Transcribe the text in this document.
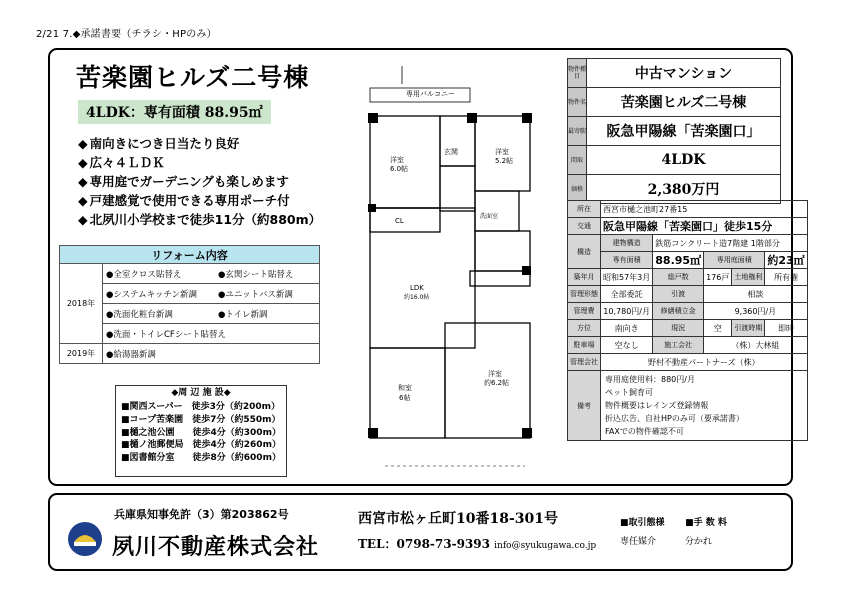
2/21 7.◆承諾書要（チラシ・HPのみ）
苦楽園ヒルズ二号棟
4LDK：専有面積 88.95㎡
◆ 南向きにつき日当たり良好
◆ 広々４ＬＤＫ
◆ 専用庭でガーデニングも楽しめます
◆ 戸建感覚で使用できる専用ポーチ付
◆ 北夙川小学校まで徒歩11分（約880m）
リフォーム内容	
2018年	●全室クロス貼替え ●玄関シート貼替え
	●システムキッチン新調 ●ユニットバス新調
	●洗面化粧台新調 ●トイレ新調
	●洗面・トイレCFシート貼替え
2019年	●給湯器新調
◆周 辺 施 設◆
■ 関西スーパー　徒歩3分（約200m）
■ コープ苦楽園　徒歩7分（約550m）
■ 樋之池公園　　徒歩4分（約300m）
■ 樋ノ池郵便局　徒歩4分（約260m）
■ 図書館分室　　徒歩8分（約600m）
専用バルコニー
洋室
6.0帖
洋室
5.2帖
玄関
CL
洗面室
LDK
約16.0帖
和室
6帖
洋室
約6.2帖
物件種目	中古マンション
物件名	苦楽園ヒルズ二号棟
最寄駅	阪急甲陽線「苦楽園口」
間取	4LDK
価格	2,380万円
所在	西宮市樋之池町27番15				
交通	阪急甲陽線「苦楽園口」徒歩15分				
構造	建物構造	鉄筋コンクリート造7階建 1階部分			
	専有面積	88.95㎡	専用庭面積		約23㎡
築年月	昭和57年3月	総戸数	176戸	土地権利	所有権
管理形態	全部委託	引渡	相談		
管理費	10,780円/月	修繕積立金	9,360円/月		
方位	南向き	現況	空	引渡時期	即時
駐車場	空なし	施工会社	（株）大林組		
管理会社	野村不動産パートナーズ（株）				
備考	専用庭使用料：880円/月
ペット飼育可
物件概要はレインズ登録情報
折込広告、自社HPのみ可（要承諾書）
FAXでの物件確認不可				
兵庫県知事免許（3）第203862号
夙川不動産株式会社
西宮市松ヶ丘町10番18-301号
TEL：0798-73-9393 info@syukugawa.co.jp
■取引態様 ■手 数 料
専任媒介	分かれ
